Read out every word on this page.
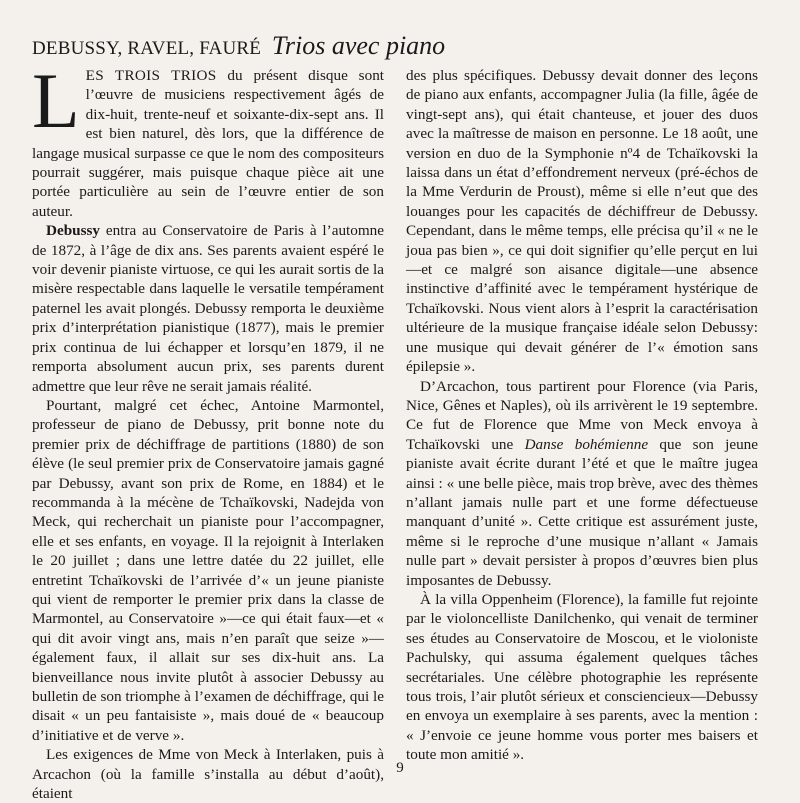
DEBUSSY, RAVEL, FAURÉ Trios avec piano

LES TROIS TRIOS du présent disque sont l’œuvre de musiciens respectivement âgés de dix-huit, trente-neuf et soixante-dix-sept ans. Il est bien naturel, dès lors, que la différence de langage musical surpasse ce que le nom des compositeurs pourrait suggérer, mais puisque chaque pièce ait une portée particulière au sein de l’œuvre entier de son auteur.

Debussy entra au Conservatoire de Paris à l’automne de 1872, à l’âge de dix ans. Ses parents avaient espéré le voir devenir pianiste virtuose, ce qui les aurait sortis de la misère respectable dans laquelle le versatile tempérament paternel les avait plongés. Debussy remporta le deuxième prix d’interprétation pianistique (1877), mais le premier prix continua de lui échapper et lorsqu’en 1879, il ne remporta absolument aucun prix, ses parents durent admettre que leur rêve ne serait jamais réalité.

Pourtant, malgré cet échec, Antoine Marmontel, professeur de piano de Debussy, prit bonne note du premier prix de déchiffrage de partitions (1880) de son élève (le seul premier prix de Conservatoire jamais gagné par Debussy, avant son prix de Rome, en 1884) et le recommanda à la mécène de Tchaïkovski, Nadejda von Meck, qui recherchait un pianiste pour l’accompagner, elle et ses enfants, en voyage. Il la rejoignit à Interlaken le 20 juillet ; dans une lettre datée du 22 juillet, elle entretint Tchaïkovski de l’arrivée d’« un jeune pianiste qui vient de remporter le premier prix dans la classe de Marmontel, au Conservatoire »—ce qui était faux—et « qui dit avoir vingt ans, mais n’en paraît que seize »—également faux, il allait sur ses dix-huit ans. La bienveillance nous invite plutôt à associer Debussy au bulletin de son triomphe à l’examen de déchiffrage, qui le disait « un peu fantaisiste », mais doué de « beaucoup d’initiative et de verve ».

Les exigences de Mme von Meck à Interlaken, puis à Arcachon (où la famille s’installa au début d’août), étaient

des plus spécifiques. Debussy devait donner des leçons de piano aux enfants, accompagner Julia (la fille, âgée de vingt-sept ans), qui était chanteuse, et jouer des duos avec la maîtresse de maison en personne. Le 18 août, une version en duo de la Symphonie nº4 de Tchaïkovski la laissa dans un état d’effondrement nerveux (pré-échos de la Mme Verdurin de Proust), même si elle n’eut que des louanges pour les capacités de déchiffreur de Debussy. Cependant, dans le même temps, elle précisa qu’il « ne le joua pas bien », ce qui doit signifier qu’elle perçut en lui—et ce malgré son aisance digitale—une absence instinctive d’affinité avec le tempérament hystérique de Tchaïkovski. Nous vient alors à l’esprit la caractérisation ultérieure de la musique française idéale selon Debussy: une musique qui devait générer de l’« émotion sans épilepsie ».

D’Arcachon, tous partirent pour Florence (via Paris, Nice, Gênes et Naples), où ils arrivèrent le 19 septembre. Ce fut de Florence que Mme von Meck envoya à Tchaïkovski une Danse bohémienne que son jeune pianiste avait écrite durant l’été et que le maître jugea ainsi : « une belle pièce, mais trop brève, avec des thèmes n’allant jamais nulle part et une forme défectueuse manquant d’unité ». Cette critique est assurément juste, même si le reproche d’une musique n’allant « Jamais nulle part » devait persister à propos d’œuvres bien plus imposantes de Debussy.

À la villa Oppenheim (Florence), la famille fut rejointe par le violoncelliste Danilchenko, qui venait de terminer ses études au Conservatoire de Moscou, et le violoniste Pachulsky, qui assuma également quelques tâches secrétariales. Une célèbre photographie les représente tous trois, l’air plutôt sérieux et consciencieux—Debussy en envoya un exemplaire à ses parents, avec la mention : « J’envoie ce jeune homme vous porter mes baisers et toute mon amitié ».

9
